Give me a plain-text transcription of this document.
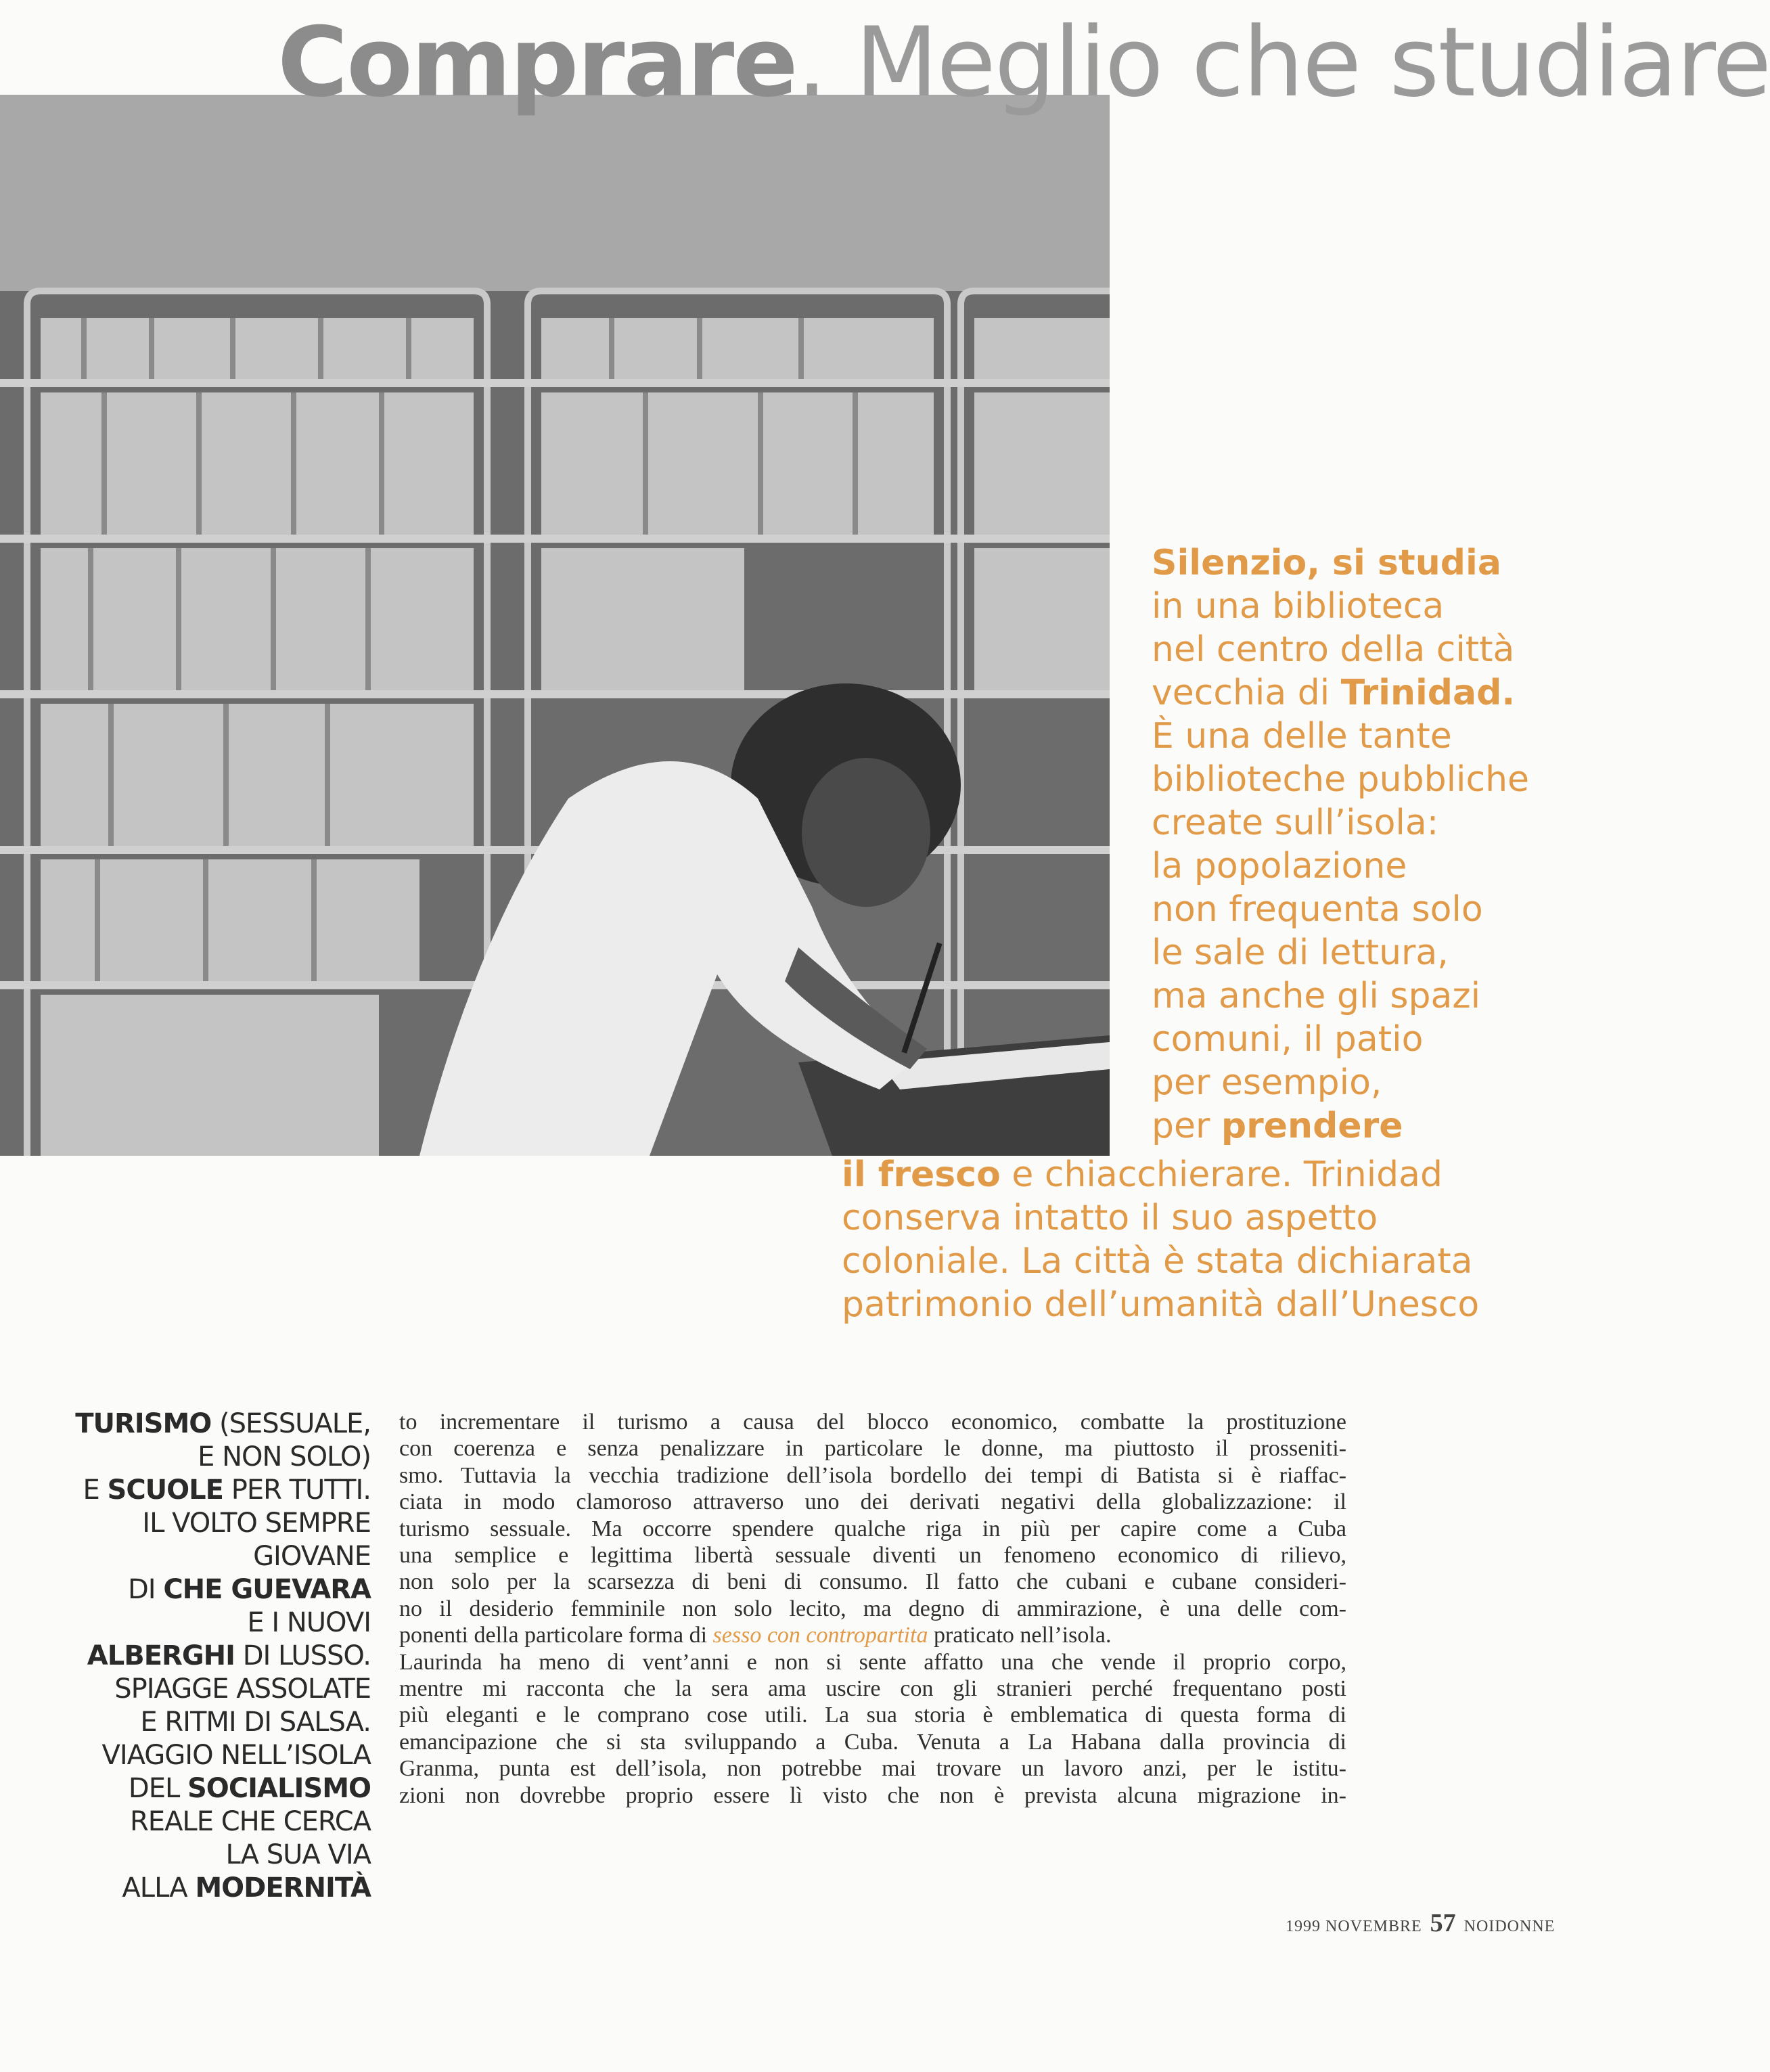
Comprare. Meglio che studiare
Silenzio, si studia
in una biblioteca
nel centro della città
vecchia di Trinidad.
È una delle tante
biblioteche pubbliche
create sull’isola:
la popolazione
non frequenta solo
le sale di lettura,
ma anche gli spazi
comuni, il patio
per esempio,
per prendere
il fresco e chiacchierare. Trinidad
conserva intatto il suo aspetto
coloniale. La città è stata dichiarata
patrimonio dell’umanità dall’Unesco
TURISMO (SESSUALE,
E NON SOLO)
E SCUOLE PER TUTTI.
IL VOLTO SEMPRE
GIOVANE
DI CHE GUEVARA
E I NUOVI
ALBERGHI DI LUSSO.
SPIAGGE ASSOLATE
E RITMI DI SALSA.
VIAGGIO NELL’ISOLA
DEL SOCIALISMO
REALE CHE CERCA
LA SUA VIA
ALLA MODERNITÀ
to incrementare il turismo a causa del blocco economico, combatte la prostituzione
con coerenza e senza penalizzare in particolare le donne, ma piuttosto il prosseniti-
smo. Tuttavia la vecchia tradizione dell’isola bordello dei tempi di Batista si è riaffac-
ciata in modo clamoroso attraverso uno dei derivati negativi della globalizzazione: il
turismo sessuale. Ma occorre spendere qualche riga in più per capire come a Cuba
una semplice e legittima libertà sessuale diventi un fenomeno economico di rilievo,
non solo per la scarsezza di beni di consumo. Il fatto che cubani e cubane consideri-
no il desiderio femminile non solo lecito, ma degno di ammirazione, è una delle com-
ponenti della particolare forma di sesso con contropartita praticato nell’isola.
Laurinda ha meno di vent’anni e non si sente affatto una che vende il proprio corpo,
mentre mi racconta che la sera ama uscire con gli stranieri perché frequentano posti
più eleganti e le comprano cose utili. La sua storia è emblematica di questa forma di
emancipazione che si sta sviluppando a Cuba. Venuta a La Habana dalla provincia di
Granma, punta est dell’isola, non potrebbe mai trovare un lavoro anzi, per le istitu-
zioni non dovrebbe proprio essere lì visto che non è prevista alcuna migrazione in-
1999 NOVEMBRE 57 NOIDONNE
